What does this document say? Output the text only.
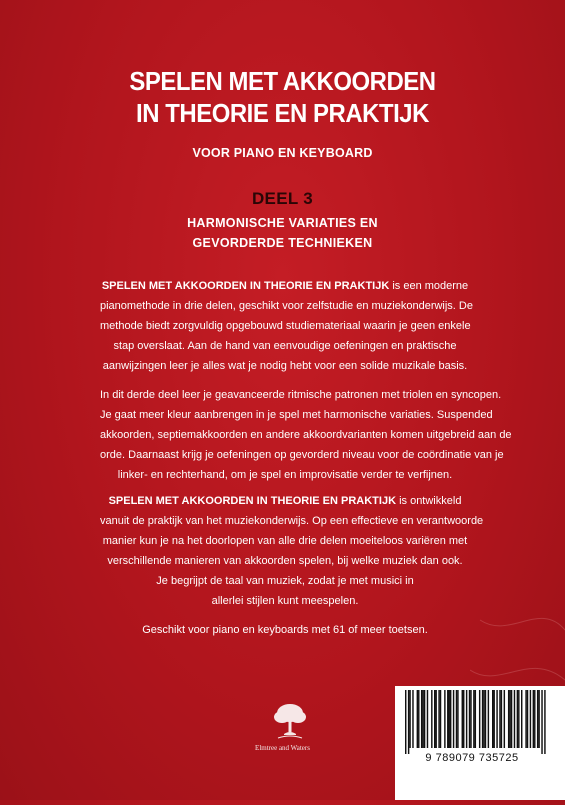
SPELEN MET AKKOORDEN
IN THEORIE EN PRAKTIJK
VOOR PIANO EN KEYBOARD
DEEL 3
HARMONISCHE VARIATIES EN
GEVORDERDE TECHNIEKEN
SPELEN MET AKKOORDEN IN THEORIE EN PRAKTIJK is een moderne
pianomethode in drie delen, geschikt voor zelfstudie en muziekonderwijs. De
methode biedt zorgvuldig opgebouwd studiemateriaal waarin je geen enkele
stap overslaat. Aan de hand van eenvoudige oefeningen en praktische
aanwijzingen leer je alles wat je nodig hebt voor een solide muzikale basis.
In dit derde deel leer je geavanceerde ritmische patronen met triolen en syncopen.
Je gaat meer kleur aanbrengen in je spel met harmonische variaties. Suspended
akkoorden, septiemakkoorden en andere akkoordvarianten komen uitgebreid aan de
orde. Daarnaast krijg je oefeningen op gevorderd niveau voor de coördinatie van je
linker- en rechterhand, om je spel en improvisatie verder te verfijnen.
SPELEN MET AKKOORDEN IN THEORIE EN PRAKTIJK is ontwikkeld
vanuit de praktijk van het muziekonderwijs. Op een effectieve en verantwoorde
manier kun je na het doorlopen van alle drie delen moeiteloos variëren met
verschillende manieren van akkoorden spelen, bij welke muziek dan ook.
Je begrijpt de taal van muziek, zodat je met musici in
allerlei stijlen kunt meespelen.
Geschikt voor piano en keyboards met 61 of meer toetsen.
Elmtree and Waters
9 789079 735725
